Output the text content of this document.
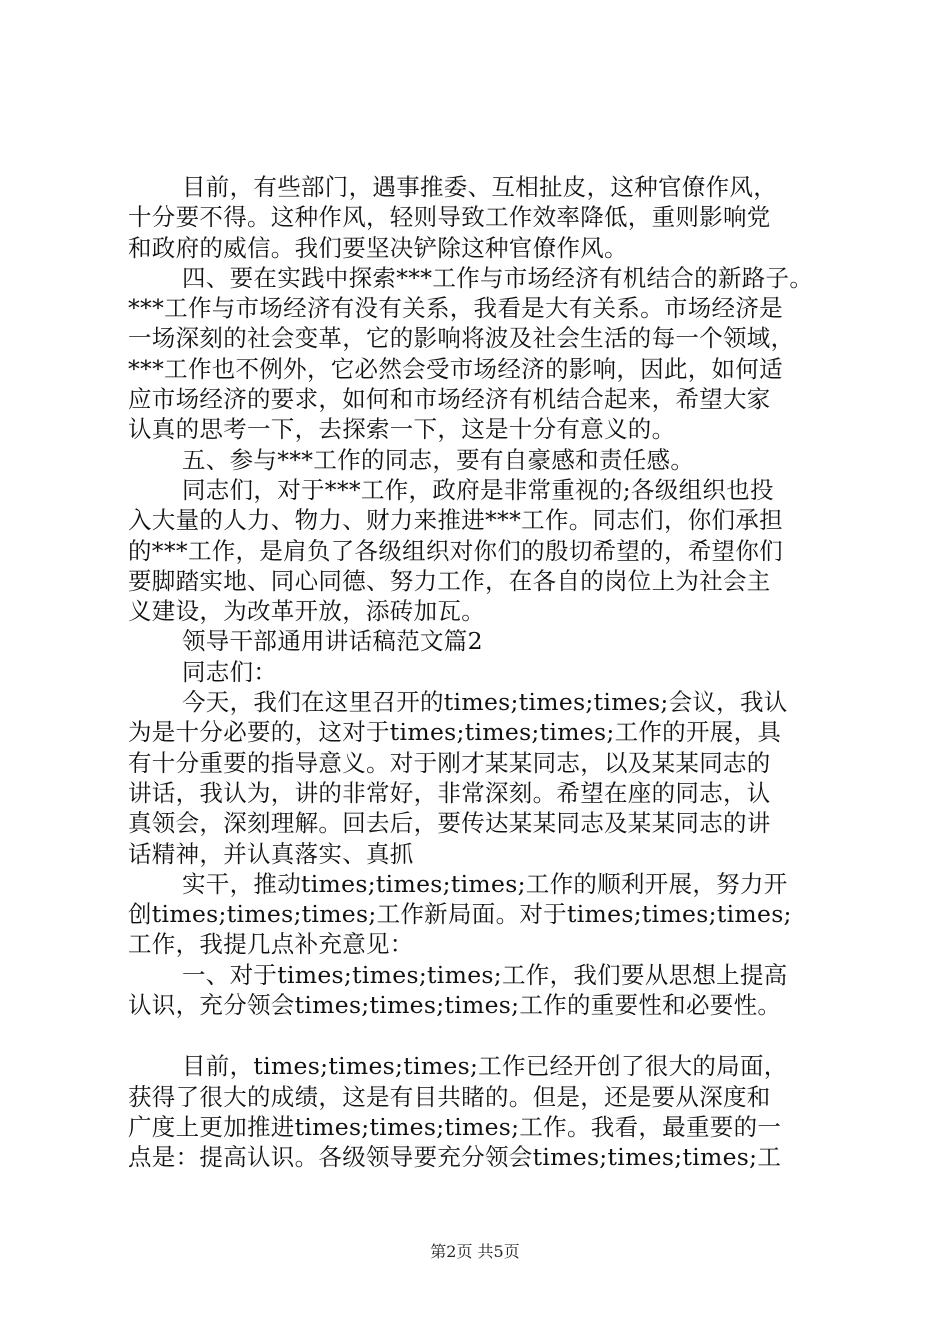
目前，有些部门，遇事推委、互相扯皮，这种官僚作风，
十分要不得。这种作风，轻则导致工作效率降低，重则影响党
和政府的威信。我们要坚决铲除这种官僚作风。
四、要在实践中探索***工作与市场经济有机结合的新路子。
***工作与市场经济有没有关系，我看是大有关系。市场经济是
一场深刻的社会变革，它的影响将波及社会生活的每一个领域，
***工作也不例外，它必然会受市场经济的影响，因此，如何适
应市场经济的要求，如何和市场经济有机结合起来，希望大家
认真的思考一下，去探索一下，这是十分有意义的。
五、参与***工作的同志，要有自豪感和责任感。
同志们，对于***工作，政府是非常重视的;各级组织也投
入大量的人力、物力、财力来推进***工作。同志们，你们承担
的***工作，是肩负了各级组织对你们的殷切希望的，希望你们
要脚踏实地、同心同德、努力工作，在各自的岗位上为社会主
义建设，为改革开放，添砖加瓦。
领导干部通用讲话稿范文篇2
同志们：
今天，我们在这里召开的times;times;times;会议，我认
为是十分必要的，这对于times;times;times;工作的开展，具
有十分重要的指导意义。对于刚才某某同志，以及某某同志的
讲话，我认为，讲的非常好，非常深刻。希望在座的同志，认
真领会，深刻理解。回去后，要传达某某同志及某某同志的讲
话精神，并认真落实、真抓
实干，推动times;times;times;工作的顺利开展，努力开
创times;times;times;工作新局面。对于times;times;times;
工作，我提几点补充意见：
一、对于times;times;times;工作，我们要从思想上提高
认识，充分领会times;times;times;工作的重要性和必要性。
目前，times;times;times;工作已经开创了很大的局面，
获得了很大的成绩，这是有目共睹的。但是，还是要从深度和
广度上更加推进times;times;times;工作。我看，最重要的一
点是：提高认识。各级领导要充分领会times;times;times;工
第2页 共5页
